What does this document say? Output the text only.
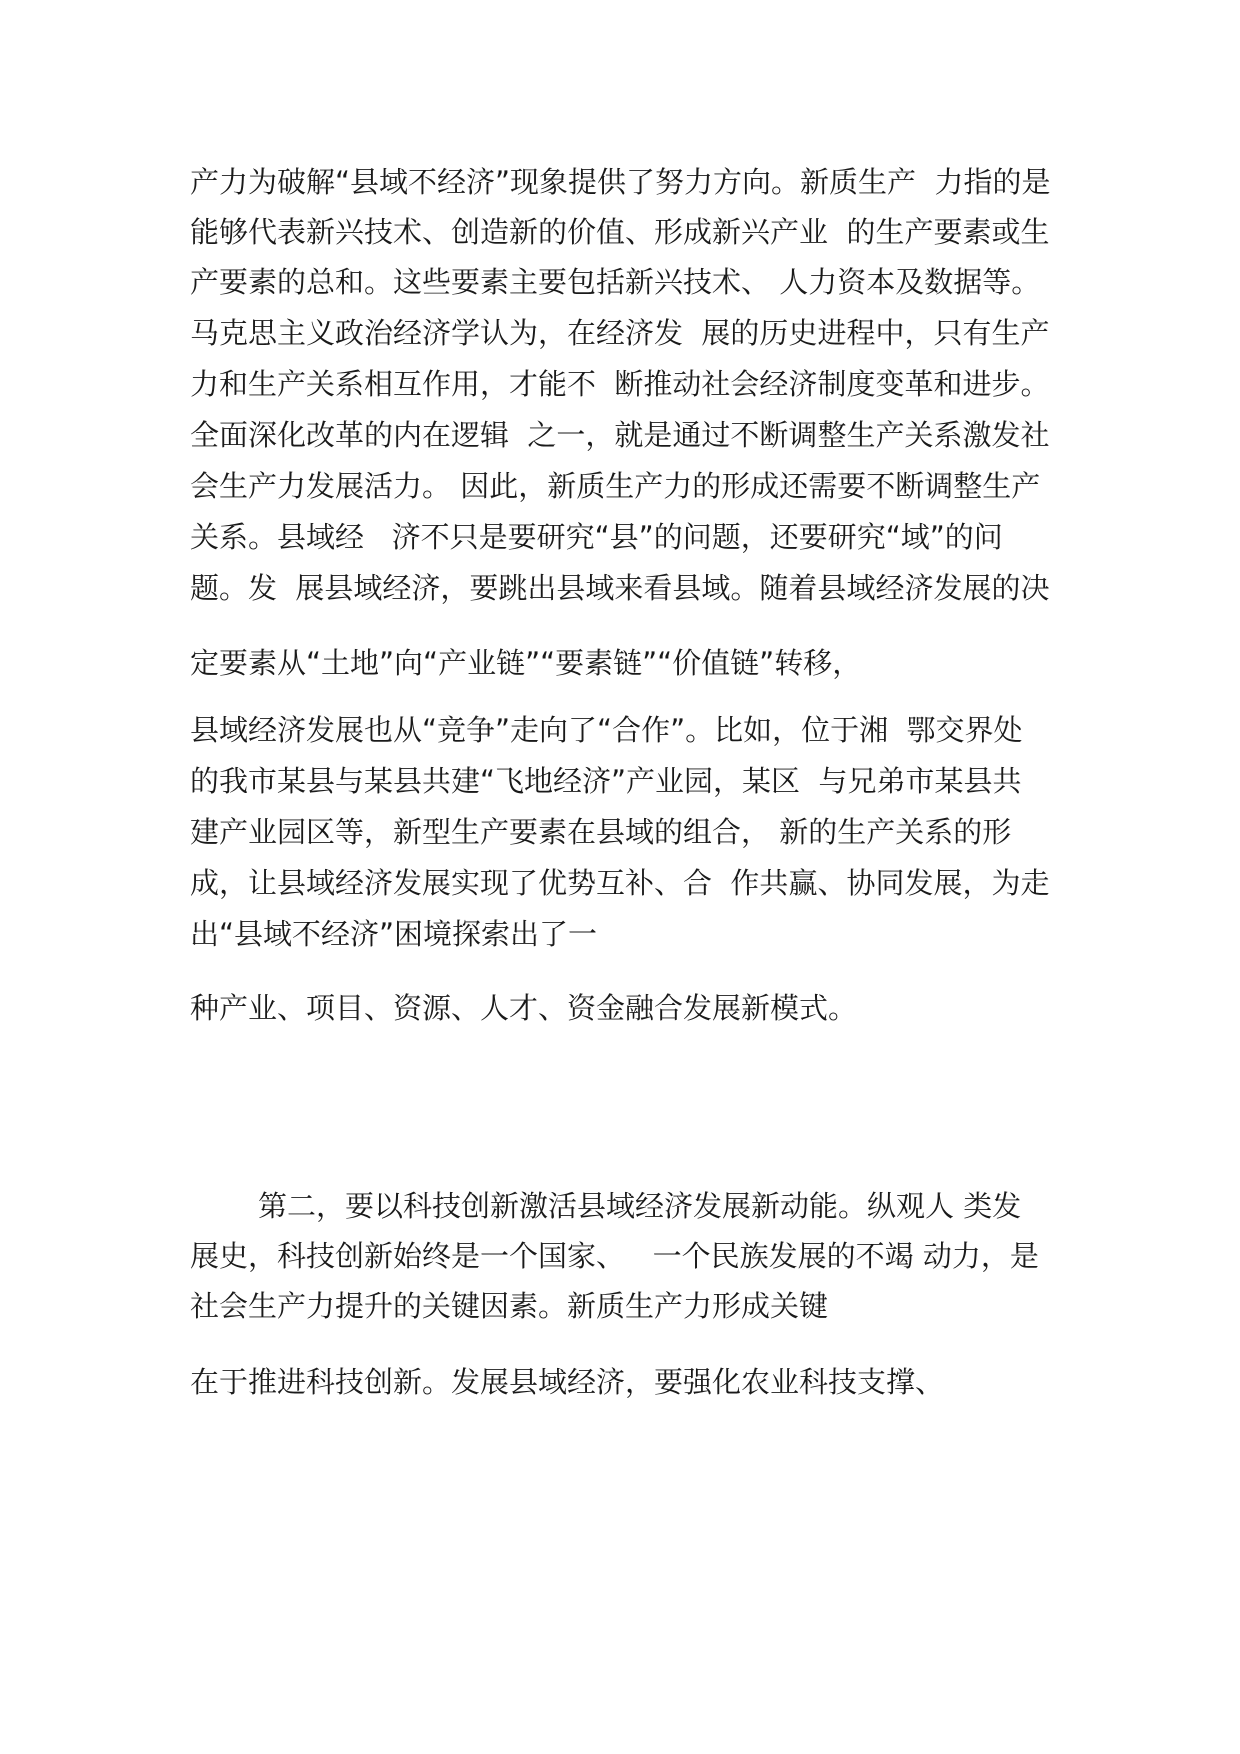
产力为破解“县域不经济”现象提供了努力方向。新质生产  力指的是
能够代表新兴技术、创造新的价值、形成新兴产业  的生产要素或生
产要素的总和。这些要素主要包括新兴技术、 人力资本及数据等。
马克思主义政治经济学认为，在经济发  展的历史进程中，只有生产
力和生产关系相互作用，才能不  断推动社会经济制度变革和进步。
全面深化改革的内在逻辑  之一，就是通过不断调整生产关系激发社
会生产力发展活力。 因此，新质生产力的形成还需要不断调整生产
关系。县域经   济不只是要研究“县”的问题，还要研究“域”的问
题。发  展县域经济，要跳出县域来看县域。随着县域经济发展的决
定要素从“土地”向“产业链”“要素链”“价值链”转移，
县域经济发展也从“竞争”走向了“合作”。比如，位于湘  鄂交界处
的我市某县与某县共建“飞地经济”产业园，某区  与兄弟市某县共
建产业园区等，新型生产要素在县域的组合， 新的生产关系的形
成，让县域经济发展实现了优势互补、合  作共赢、协同发展，为走
出“县域不经济”困境探索出了一
种产业、项目、资源、人才、资金融合发展新模式。
第二，要以科技创新激活县域经济发展新动能。纵观人 类发
展史，科技创新始终是一个国家、   一个民族发展的不竭 动力，是
社会生产力提升的关键因素。新质生产力形成关键
在于推进科技创新。发展县域经济，要强化农业科技支撑、
